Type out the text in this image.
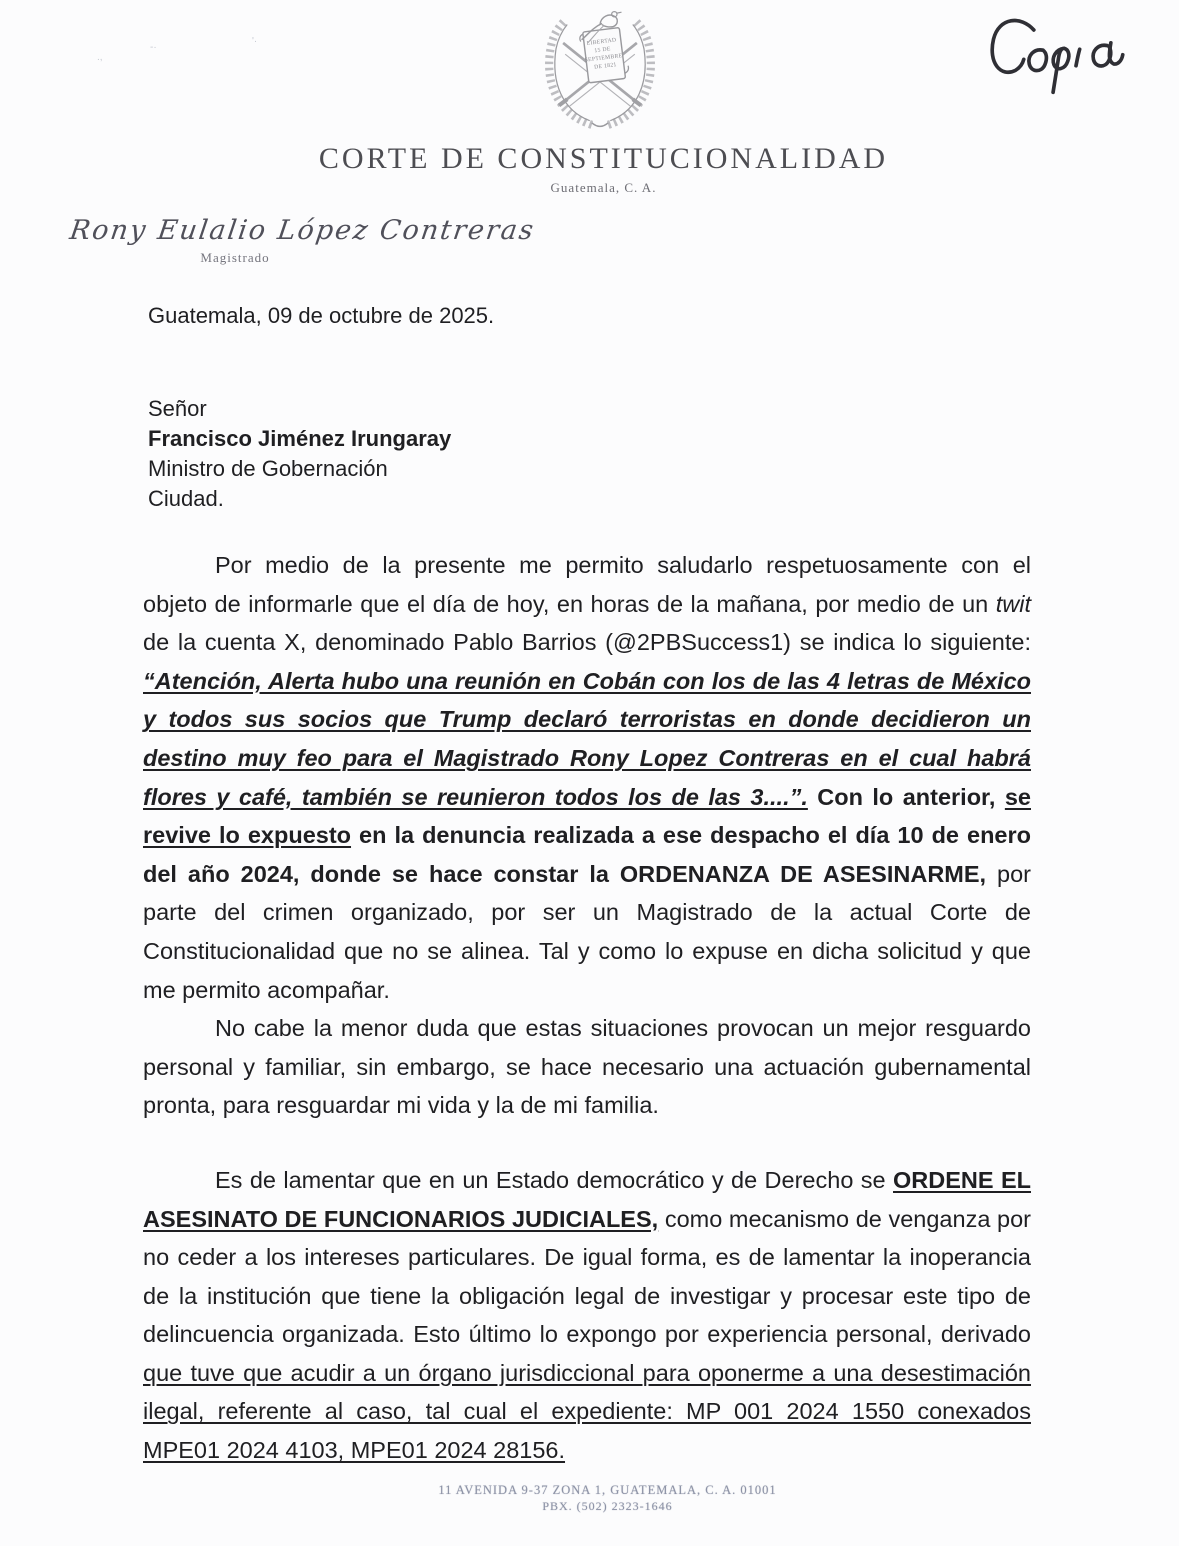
.,
-·
'·	LIBERTAD 15 DE SEPTIEMBRE DE 1821
CORTE DE CONSTITUCIONALIDAD
Guatemala, C. A.
Rony Eulalio López Contreras
Magistrado
Guatemala, 09 de octubre de 2025.
Señor
Francisco Jiménez Irungaray
Ministro de Gobernación
Ciudad.

Por medio de la presente me permito saludarlo respetuosamente con el objeto de informarle que el día de hoy, en horas de la mañana, por medio de un twit de la cuenta X, denominado Pablo Barrios (@2PBSuccess1) se indica lo siguiente: “Atención, Alerta hubo una reunión en Cobán con los de las 4 letras de México y todos sus socios que Trump declaró terroristas en donde decidieron un destino muy feo para el Magistrado Rony Lopez Contreras en el cual habrá flores y café, también se reunieron todos los de las 3....”. Con lo anterior, se revive lo expuesto en la denuncia realizada a ese despacho el día 10 de enero del año 2024, donde se hace constar la ORDENANZA DE ASESINARME, por parte del crimen organizado, por ser un Magistrado de la actual Corte de Constitucionalidad que no se alinea. Tal y como lo expuse en dicha solicitud y que me permito acompañar.

No cabe la menor duda que estas situaciones provocan un mejor resguardo personal y familiar, sin embargo, se hace necesario una actuación gubernamental pronta, para resguardar mi vida y la de mi familia.

Es de lamentar que en un Estado democrático y de Derecho se ORDENE EL ASESINATO DE FUNCIONARIOS JUDICIALES, como mecanismo de venganza por no ceder a los intereses particulares. De igual forma, es de lamentar la inoperancia de la institución que tiene la obligación legal de investigar y procesar este tipo de delincuencia organizada. Esto último lo expongo por experiencia personal, derivado que tuve que acudir a un órgano jurisdiccional para oponerme a una desestimación ilegal, referente al caso, tal cual el expediente: MP 001 2024 1550 conexados MPE01 2024 4103, MPE01 2024 28156.

11 AVENIDA 9-37 ZONA 1, GUATEMALA, C. A. 01001
PBX. (502) 2323-1646
